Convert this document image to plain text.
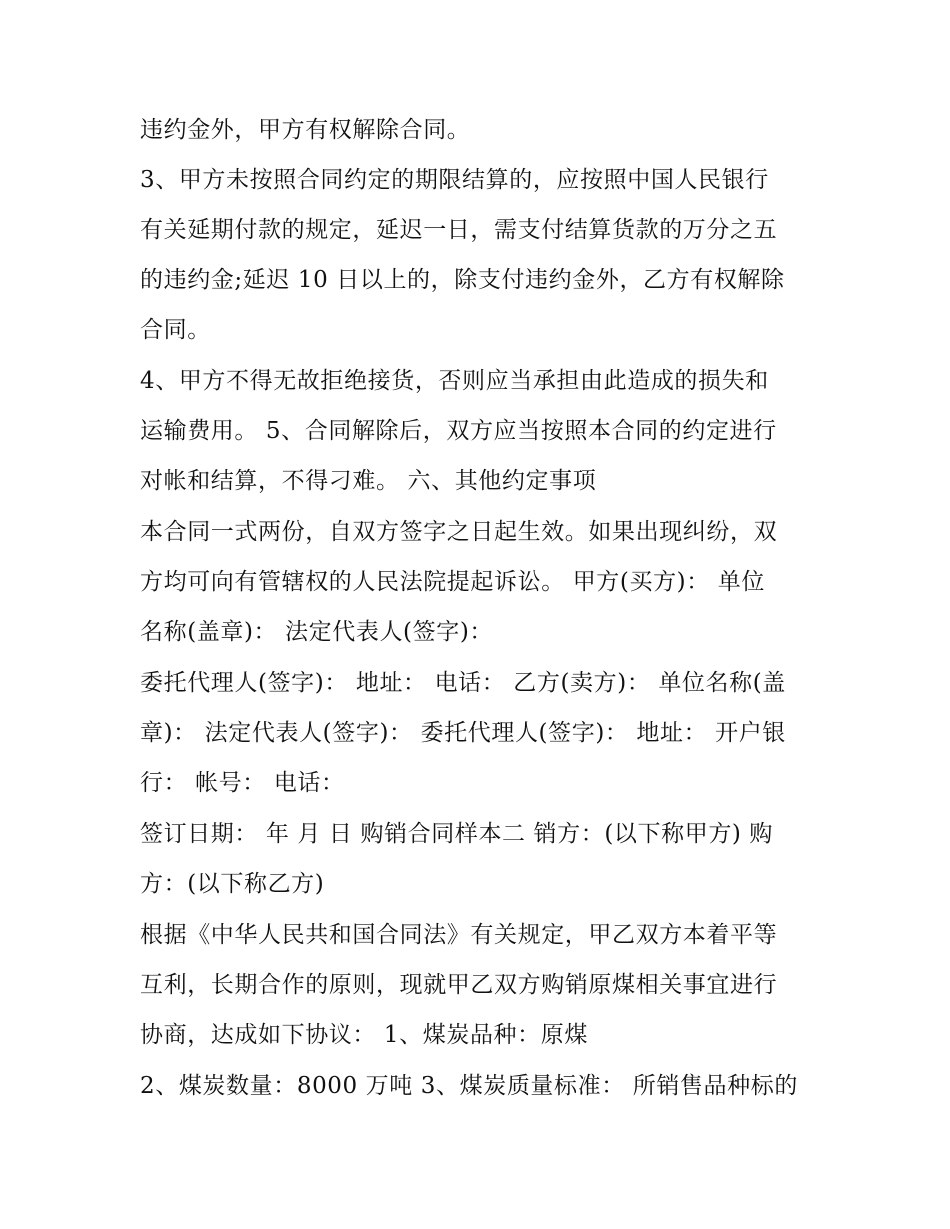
违约金外，甲方有权解除合同。
3、甲方未按照合同约定的期限结算的，应按照中国人民银行
有关延期付款的规定，延迟一日，需支付结算货款的万分之五
的违约金;延迟 10 日以上的，除支付违约金外，乙方有权解除
合同。
4、甲方不得无故拒绝接货，否则应当承担由此造成的损失和
运输费用。 5、合同解除后，双方应当按照本合同的约定进行
对帐和结算，不得刁难。 六、其他约定事项
本合同一式两份，自双方签字之日起生效。如果出现纠纷，双
方均可向有管辖权的人民法院提起诉讼。 甲方(买方)： 单位
名称(盖章)： 法定代表人(签字)：
委托代理人(签字)： 地址： 电话： 乙方(卖方)： 单位名称(盖
章)： 法定代表人(签字)： 委托代理人(签字)： 地址： 开户银
行： 帐号： 电话：
签订日期： 年 月 日 购销合同样本二 销方：(以下称甲方) 购
方：(以下称乙方)
根据《中华人民共和国合同法》有关规定，甲乙双方本着平等
互利，长期合作的原则，现就甲乙双方购销原煤相关事宜进行
协商，达成如下协议： 1、煤炭品种：原煤
2、煤炭数量：8000 万吨 3、煤炭质量标准： 所销售品种标的
